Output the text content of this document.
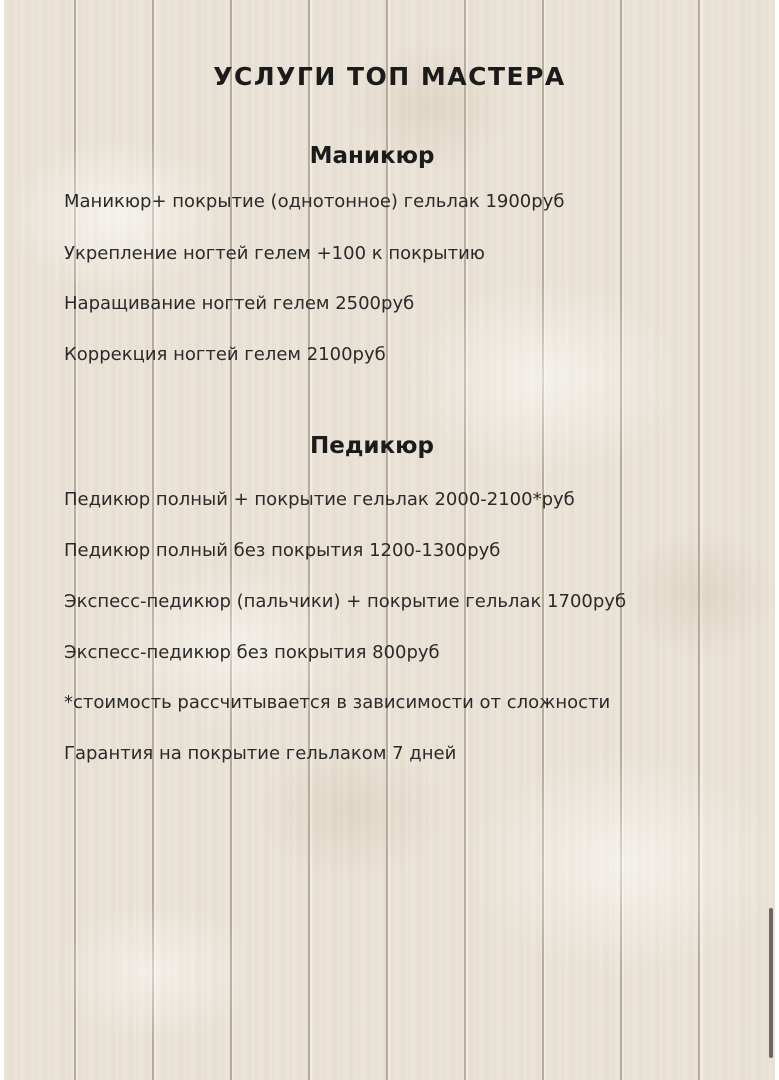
УСЛУГИ ТОП МАСТЕРА
Маникюр

Маникюр+ покрытие (однотонное) гельлак 1900руб

Укрепление ногтей гелем +100 к покрытию

Наращивание ногтей гелем 2500руб

Коррекция ногтей гелем 2100руб

Педикюр

Педикюр полный + покрытие гельлак 2000-2100*руб

Педикюр полный без покрытия 1200-1300руб

Экспесс-педикюр (пальчики) + покрытие гельлак 1700руб

Экспесс-педикюр без покрытия 800руб

*стоимость рассчитывается в зависимости от сложности

Гарантия на покрытие гельлаком 7 дней
